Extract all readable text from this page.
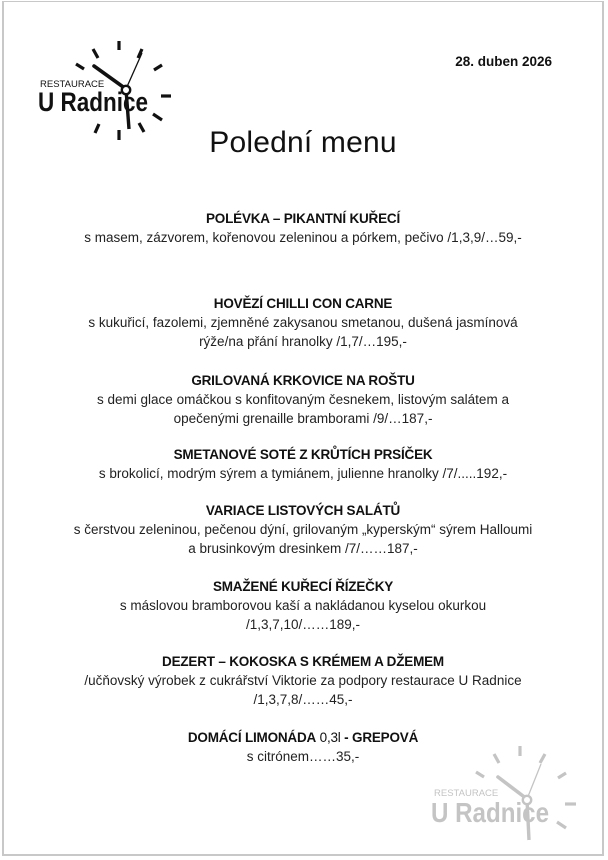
RESTAURACE
U Radnice
28. duben 2026
Polední menu
POLÉVKA – PIKANTNÍ KUŘECÍ
s masem, zázvorem, kořenovou zeleninou a pórkem, pečivo /1,3,9/…59,-
HOVĚZÍ CHILLI CON CARNE
s kukuřicí, fazolemi, zjemněné zakysanou smetanou, dušená jasmínová
rýže/na přání hranolky /1,7/…195,-
GRILOVANÁ KRKOVICE NA ROŠTU
s demi glace omáčkou s konfitovaným česnekem, listovým salátem a
opečenými grenaille bramborami /9/…187,-
SMETANOVÉ SOTÉ Z KRŮTÍCH PRSÍČEK
s brokolicí, modrým sýrem a tymiánem, julienne hranolky /7/.....192,-
VARIACE LISTOVÝCH SALÁTŮ
s čerstvou zeleninou, pečenou dýní, grilovaným „kyperským“ sýrem Halloumi
a brusinkovým dresinkem /7/……187,-
SMAŽENÉ KUŘECÍ ŘÍZEČKY
s máslovou bramborovou kaší a nakládanou kyselou okurkou
/1,3,7,10/……189,-
DEZERT – KOKOSKA S KRÉMEM A DŽEMEM
/učňovský výrobek z cukrářství Viktorie za podpory restaurace U Radnice
/1,3,7,8/……45,-
DOMÁCÍ LIMONÁDA 0,3l - GREPOVÁ
s citrónem……35,-
RESTAURACE
U Radnice
